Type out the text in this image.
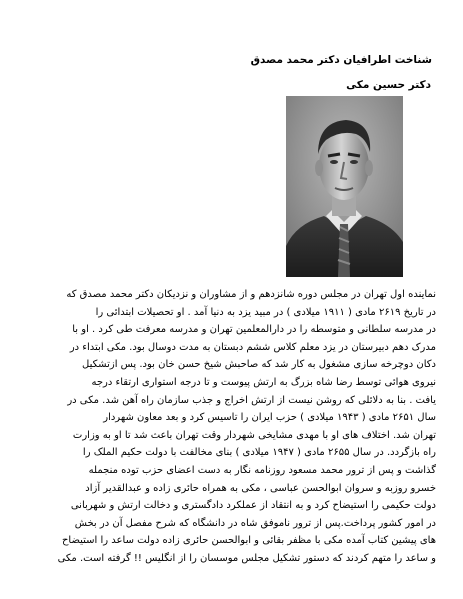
شناخت اطرافیان دکتر محمد مصدق
دکتر حسین مکی
نماینده اول تهران در مجلس دوره شانزدهم و از مشاوران و نزدیکان دکتر محمد مصدق که
در تاریخ ۲۶۱۹ مادی ( ۱۹۱۱ میلادی ) در مبید یزد به دنیا آمد . او تحصیلات ابتدائی را
در مدرسه سلطانی و متوسطه را در دارالمعلمین تهران و مدرسه معرفت طی کرد . او با
مدرک دهم دبیرستان در یزد معلم کلاس ششم دبستان به مدت دوسال بود. مکی ابتداء در
دکان دوچرخه سازی مشغول به کار شد که صاحبش شیخ حسن خان بود. پس ازتشکیل
نیروی هوائی توسط رضا شاه بزرگ به ارتش پیوست و تا درجه استواری ارتقاء درجه
یافت . بنا به دلائلی که روشن نیست از ارتش اخراج و جذب سازمان راه آهن شد. مکی در
سال ۲۶۵۱ مادی ( ۱۹۴۳ میلادی ) حزب ایران را تاسیس کرد و بعد معاون شهردار
تهران شد. اختلاف های او با مهدی مشایخی شهردار وقت تهران باعث شد تا او به وزارت
راه بازگردد. در سال ۲۶۵۵ مادی ( ۱۹۴۷ میلادی ) بنای مخالفت با دولت حکیم الملک را
گذاشت و پس از ترور محمد مسعود روزنامه نگار به دست اعضای حزب توده منجمله
خسرو روزبه و سروان ابوالحسن عباسی ، مکی به همراه حائری زاده و عبدالقدیر آزاد
دولت حکیمی را استیضاح کرد و به انتقاد از عملکرد دادگستری و دخالت ارتش و شهربانی
در امور کشور پرداخت.پس از ترور ناموفق شاه در دانشگاه که شرح مفصل آن در بخش
های پیشین کتاب آمده مکی با مظفر بقائی و ابوالحسن حائری زاده دولت ساعد را استیضاح
و ساعد را متهم کردند که دستور تشکیل مجلس موسسان را از انگلیس !! گرفته است. مکی
